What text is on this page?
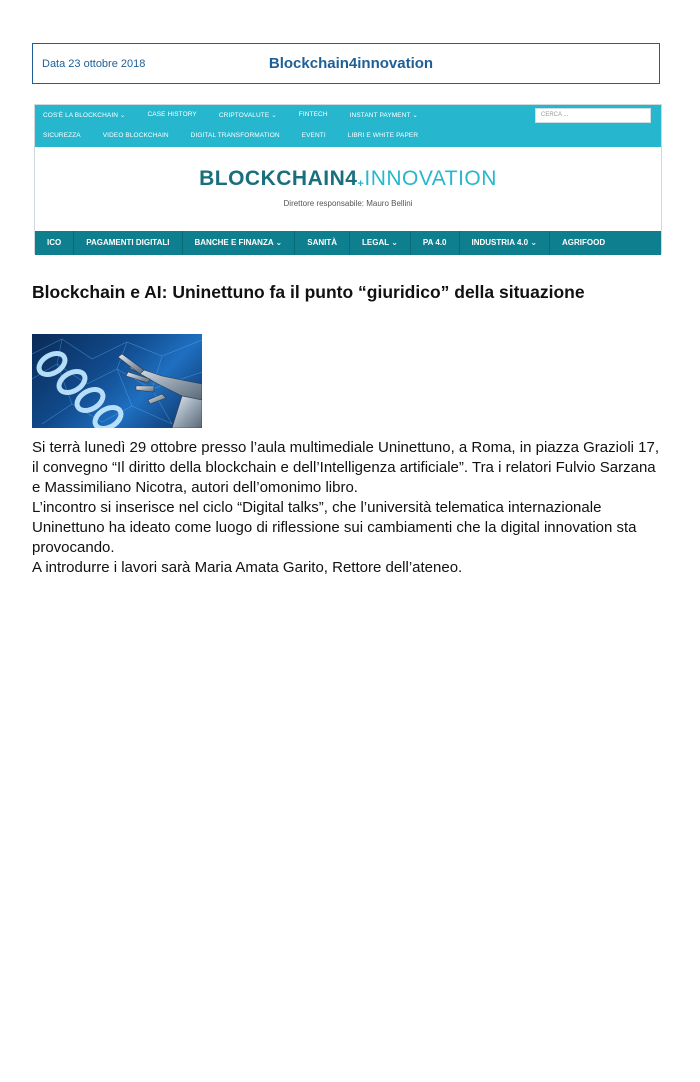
Data 23 ottobre 2018	Blockchain4innovation
COS'È LA BLOCKCHAIN ⌄	CASE HISTORY	CRIPTOVALUTE ⌄	FINTECH	INSTANT PAYMENT ⌄
SICUREZZA	VIDEO BLOCKCHAIN	DIGITAL TRANSFORMATION	EVENTI	LIBRI E WHITE PAPER
CERCA ...
BLOCKCHAIN4+INNOVATION
Direttore responsabile: Mauro Bellini
ICO	PAGAMENTI DIGITALI	BANCHE E FINANZA ⌄	SANITÀ	LEGAL ⌄	PA 4.0	INDUSTRIA 4.0 ⌄	AGRIFOOD
Blockchain e AI: Uninettuno fa il punto “giuridico” della situazione

Si terrà lunedì 29 ottobre presso l’aula multimediale Uninettuno, a Roma, in piazza Grazioli 17, il convegno “Il diritto della blockchain e dell’Intelligenza artificiale”. Tra i relatori Fulvio Sarzana e Massimiliano Nicotra, autori dell’omonimo libro.

L’incontro si inserisce nel ciclo “Digital talks”, che l’università telematica internazionale Uninettuno ha ideato come luogo di riflessione sui cambiamenti che la digital innovation sta provocando.

A introdurre i lavori sarà Maria Amata Garito, Rettore dell’ateneo.
